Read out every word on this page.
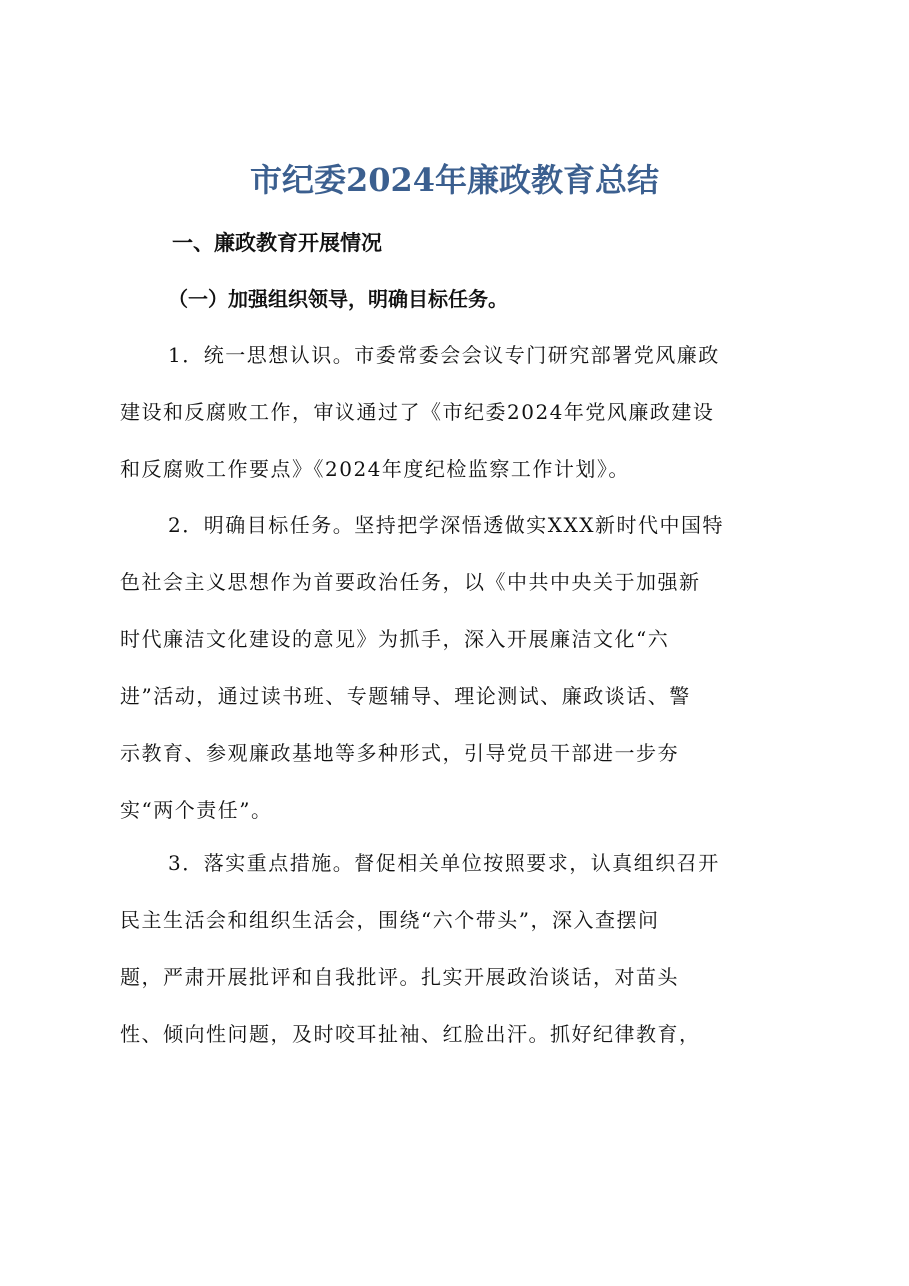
市纪委2024年廉政教育总结
一、廉政教育开展情况
（一）加强组织领导，明确目标任务。
1．统一思想认识。市委常委会会议专门研究部署党风廉政
建设和反腐败工作，审议通过了《市纪委2024年党风廉政建设
和反腐败工作要点》《2024年度纪检监察工作计划》。
2．明确目标任务。坚持把学深悟透做实XXX新时代中国特
色社会主义思想作为首要政治任务，以《中共中央关于加强新
时代廉洁文化建设的意见》为抓手，深入开展廉洁文化“六
进”活动，通过读书班、专题辅导、理论测试、廉政谈话、警
示教育、参观廉政基地等多种形式，引导党员干部进一步夯
实“两个责任”。
3．落实重点措施。督促相关单位按照要求，认真组织召开
民主生活会和组织生活会，围绕“六个带头”，深入查摆问
题，严肃开展批评和自我批评。扎实开展政治谈话，对苗头
性、倾向性问题，及时咬耳扯袖、红脸出汗。抓好纪律教育，
